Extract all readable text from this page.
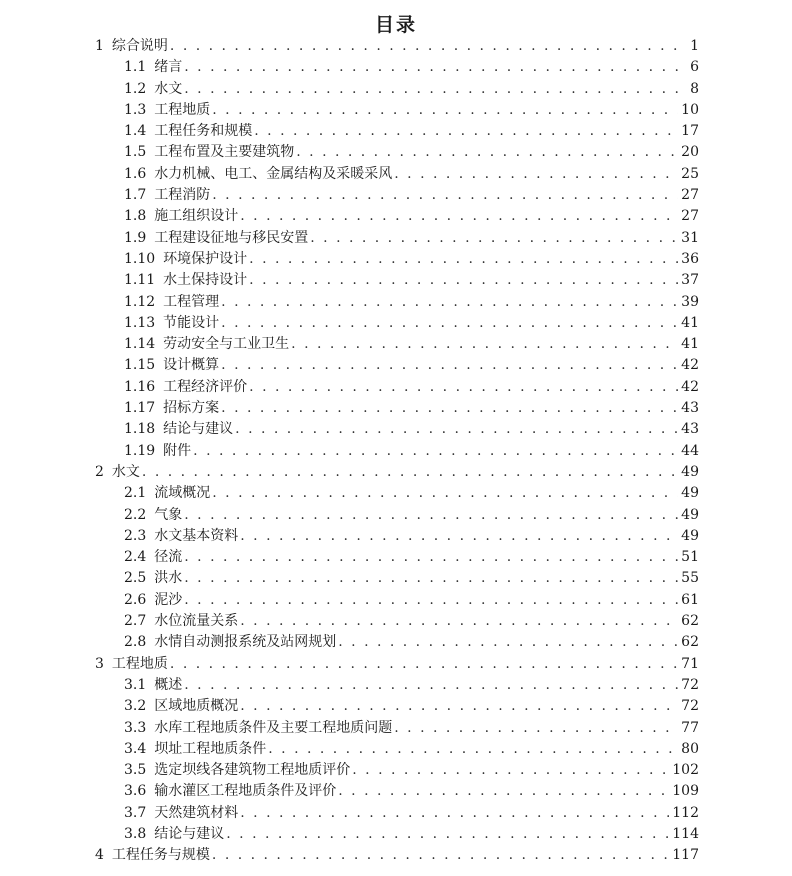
目录
1 综合说明 . . .	1
1.1 绪言 . . .	6
1.2 水文 . . .	8
1.3 工程地质 . . .	10
1.4 工程任务和规模 . . .	17
1.5 工程布置及主要建筑物 . . .	20
1.6 水力机械、电工、金属结构及采暖采风 . . .	25
1.7 工程消防 . . .	27
1.8 施工组织设计 . . .	27
1.9 工程建设征地与移民安置 . . .	31
1.10 环境保护设计 . . .	36
1.11 水土保持设计 . . .	37
1.12 工程管理 . . .	39
1.13 节能设计 . . .	41
1.14 劳动安全与工业卫生 . . .	41
1.15 设计概算 . . .	42
1.16 工程经济评价 . . .	42
1.17 招标方案 . . .	43
1.18 结论与建议 . . .	43
1.19 附件 . . .	44
2 水文 . . .	49
2.1 流域概况 . . .	49
2.2 气象 . . .	49
2.3 水文基本资料 . . .	49
2.4 径流 . . .	51
2.5 洪水 . . .	55
2.6 泥沙 . . .	61
2.7 水位流量关系 . . .	62
2.8 水情自动测报系统及站网规划 . . .	62
3 工程地质 . . .	71
3.1 概述 . . .	72
3.2 区域地质概况 . . .	72
3.3 水库工程地质条件及主要工程地质问题 . . .	77
3.4 坝址工程地质条件 . . .	80
3.5 选定坝线各建筑物工程地质评价 . . .	102
3.6 输水灌区工程地质条件及评价 . . .	109
3.7 天然建筑材料 . . .	112
3.8 结论与建议 . . .	114
4 工程任务与规模 . . .	117
